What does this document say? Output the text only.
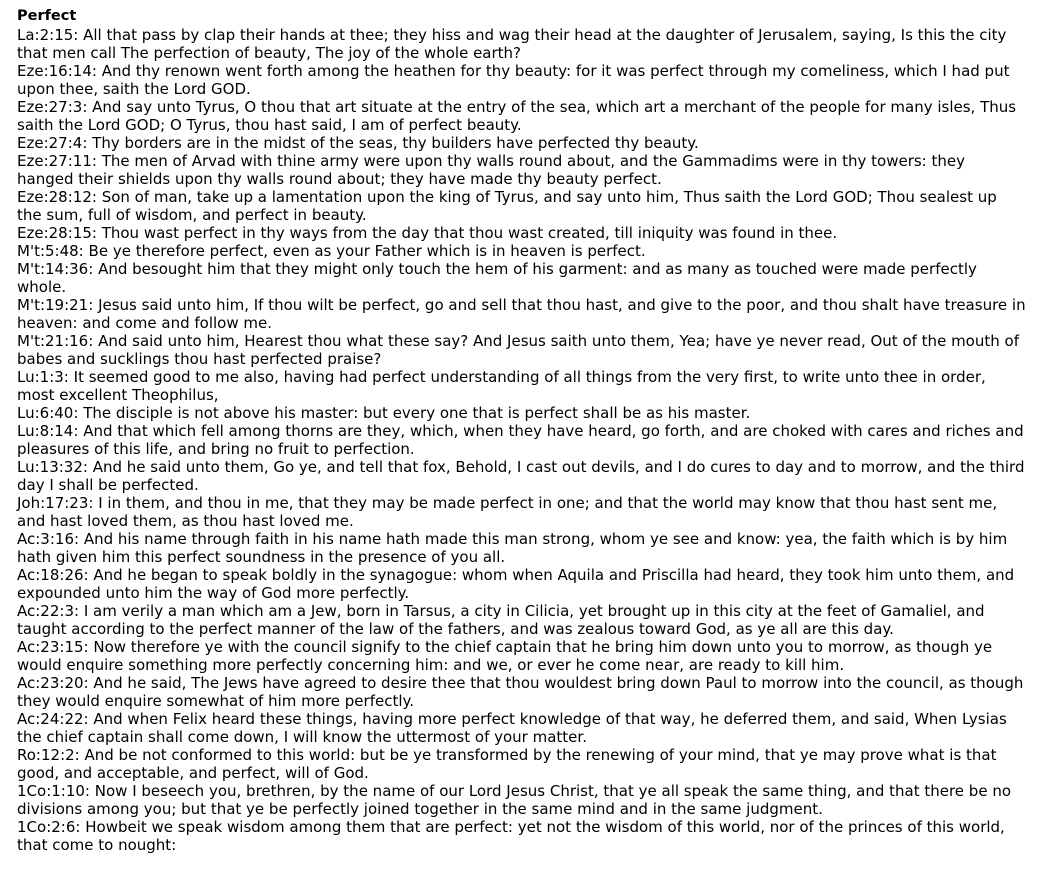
Perfect

La:2:15: All that pass by clap their hands at thee; they hiss and wag their head at the daughter of Jerusalem, saying, Is this the city that men call The perfection of beauty, The joy of the whole earth?

Eze:16:14: And thy renown went forth among the heathen for thy beauty: for it was perfect through my comeliness, which I had put upon thee, saith the Lord GOD.

Eze:27:3: And say unto Tyrus, O thou that art situate at the entry of the sea, which art a merchant of the people for many isles, Thus saith the Lord GOD; O Tyrus, thou hast said, I am of perfect beauty.

Eze:27:4: Thy borders are in the midst of the seas, thy builders have perfected thy beauty.

Eze:27:11: The men of Arvad with thine army were upon thy walls round about, and the Gammadims were in thy towers: they hanged their shields upon thy walls round about; they have made thy beauty perfect.

Eze:28:12: Son of man, take up a lamentation upon the king of Tyrus, and say unto him, Thus saith the Lord GOD; Thou sealest up the sum, full of wisdom, and perfect in beauty.

Eze:28:15: Thou wast perfect in thy ways from the day that thou wast created, till iniquity was found in thee.

M't:5:48: Be ye therefore perfect, even as your Father which is in heaven is perfect.

M't:14:36: And besought him that they might only touch the hem of his garment: and as many as touched were made perfectly whole.

M't:19:21: Jesus said unto him, If thou wilt be perfect, go and sell that thou hast, and give to the poor, and thou shalt have treasure in heaven: and come and follow me.

M't:21:16: And said unto him, Hearest thou what these say? And Jesus saith unto them, Yea; have ye never read, Out of the mouth of babes and sucklings thou hast perfected praise?

Lu:1:3: It seemed good to me also, having had perfect understanding of all things from the very first, to write unto thee in order, most excellent Theophilus,

Lu:6:40: The disciple is not above his master: but every one that is perfect shall be as his master.

Lu:8:14: And that which fell among thorns are they, which, when they have heard, go forth, and are choked with cares and riches and pleasures of this life, and bring no fruit to perfection.

Lu:13:32: And he said unto them, Go ye, and tell that fox, Behold, I cast out devils, and I do cures to day and to morrow, and the third day I shall be perfected.

Joh:17:23: I in them, and thou in me, that they may be made perfect in one; and that the world may know that thou hast sent me, and hast loved them, as thou hast loved me.

Ac:3:16: And his name through faith in his name hath made this man strong, whom ye see and know: yea, the faith which is by him hath given him this perfect soundness in the presence of you all.

Ac:18:26: And he began to speak boldly in the synagogue: whom when Aquila and Priscilla had heard, they took him unto them, and expounded unto him the way of God more perfectly.

Ac:22:3: I am verily a man which am a Jew, born in Tarsus, a city in Cilicia, yet brought up in this city at the feet of Gamaliel, and taught according to the perfect manner of the law of the fathers, and was zealous toward God, as ye all are this day.

Ac:23:15: Now therefore ye with the council signify to the chief captain that he bring him down unto you to morrow, as though ye would enquire something more perfectly concerning him: and we, or ever he come near, are ready to kill him.

Ac:23:20: And he said, The Jews have agreed to desire thee that thou wouldest bring down Paul to morrow into the council, as though they would enquire somewhat of him more perfectly.

Ac:24:22: And when Felix heard these things, having more perfect knowledge of that way, he deferred them, and said, When Lysias the chief captain shall come down, I will know the uttermost of your matter.

Ro:12:2: And be not conformed to this world: but be ye transformed by the renewing of your mind, that ye may prove what is that good, and acceptable, and perfect, will of God.

1Co:1:10: Now I beseech you, brethren, by the name of our Lord Jesus Christ, that ye all speak the same thing, and that there be no divisions among you; but that ye be perfectly joined together in the same mind and in the same judgment.

1Co:2:6: Howbeit we speak wisdom among them that are perfect: yet not the wisdom of this world, nor of the princes of this world, that come to nought:
